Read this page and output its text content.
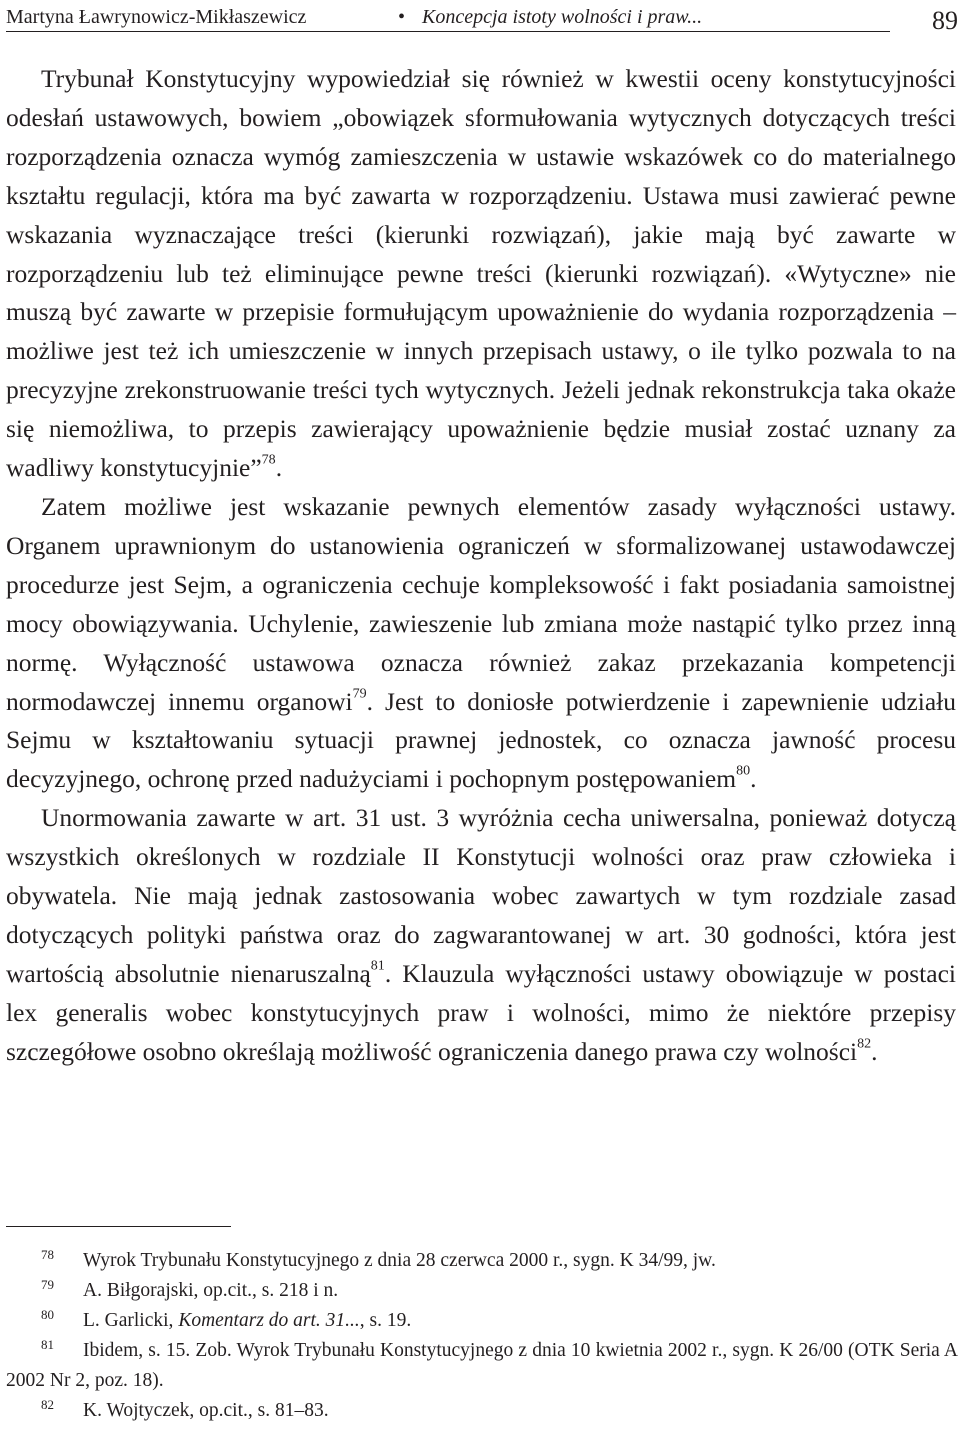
Martyna Ławrynowicz-Mikłaszewicz	• Koncepcja istoty wolności i praw...	89

Trybunał Konstytucyjny wypowiedział się również w kwestii oceny konstytucyjności odesłań ustawowych, bowiem „obowiązek sformułowania wytycznych dotyczących treści rozporządzenia oznacza wymóg zamieszczenia w ustawie wskazówek co do materialnego kształtu regulacji, która ma być zawarta w rozporządzeniu. Ustawa musi zawierać pewne wskazania wyznaczające treści (kierunki rozwiązań), jakie mają być zawarte w rozporządzeniu lub też eliminujące pewne treści (kierunki rozwiązań). «Wytyczne» nie muszą być zawarte w przepisie formułującym upoważnienie do wydania rozporządzenia – możliwe jest też ich umieszczenie w innych przepisach ustawy, o ile tylko pozwala to na precyzyjne zrekonstruowanie treści tych wytycznych. Jeżeli jednak rekonstrukcja taka okaże się niemożliwa, to przepis zawierający upoważnienie będzie musiał zostać uznany za wadliwy konstytucyjnie”$^{78}$.

Zatem możliwe jest wskazanie pewnych elementów zasady wyłączności ustawy. Organem uprawnionym do ustanowienia ograniczeń w sformalizowanej ustawodawczej procedurze jest Sejm, a ograniczenia cechuje kompleksowość i fakt posiadania samoistnej mocy obowiązywania. Uchylenie, zawieszenie lub zmiana może nastąpić tylko przez inną normę. Wyłączność ustawowa oznacza również zakaz przekazania kompetencji normodawczej innemu organowi$^{79}$. Jest to doniosłe potwierdzenie i zapewnienie udziału Sejmu w kształtowaniu sytuacji prawnej jednostek, co oznacza jawność procesu decyzyjnego, ochronę przed nadużyciami i pochopnym postępowaniem$^{80}$.

Unormowania zawarte w art. 31 ust. 3 wyróżnia cecha uniwersalna, ponieważ dotyczą wszystkich określonych w rozdziale II Konstytucji wolności oraz praw człowieka i obywatela. Nie mają jednak zastosowania wobec zawartych w tym rozdziale zasad dotyczących polityki państwa oraz do zagwarantowanej w art. 30 godności, która jest wartością absolutnie nienaruszalną$^{81}$. Klauzula wyłączności ustawy obowiązuje w postaci lex generalis wobec konstytucyjnych praw i wolności, mimo że niektóre przepisy szczegółowe osobno określają możliwość ograniczenia danego prawa czy wolności$^{82}$.

78 Wyrok Trybunału Konstytucyjnego z dnia 28 czerwca 2000 r., sygn. K 34/99, jw.

79 A. Biłgorajski, op.cit., s. 218 i n.

80 L. Garlicki, Komentarz do art. 31..., s. 19.

81 Ibidem, s. 15. Zob. Wyrok Trybunału Konstytucyjnego z dnia 10 kwietnia 2002 r., sygn. K 26/00 (OTK Seria A 2002 Nr 2, poz. 18).

82 K. Wojtyczek, op.cit., s. 81–83.
